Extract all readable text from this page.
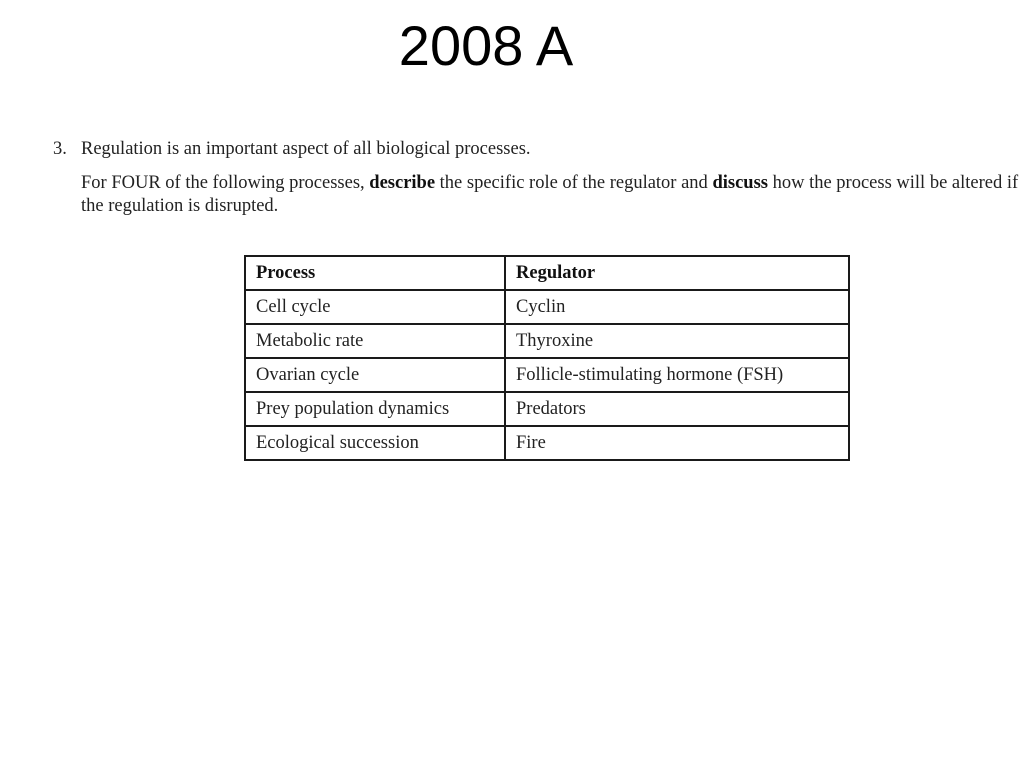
2008 A
3. Regulation is an important aspect of all biological processes.
For FOUR of the following processes, describe the specific role of the regulator and discuss how the process will be altered if the regulation is disrupted.
Process	Regulator
Cell cycle	Cyclin
Metabolic rate	Thyroxine
Ovarian cycle	Follicle-stimulating hormone (FSH)
Prey population dynamics	Predators
Ecological succession	Fire
